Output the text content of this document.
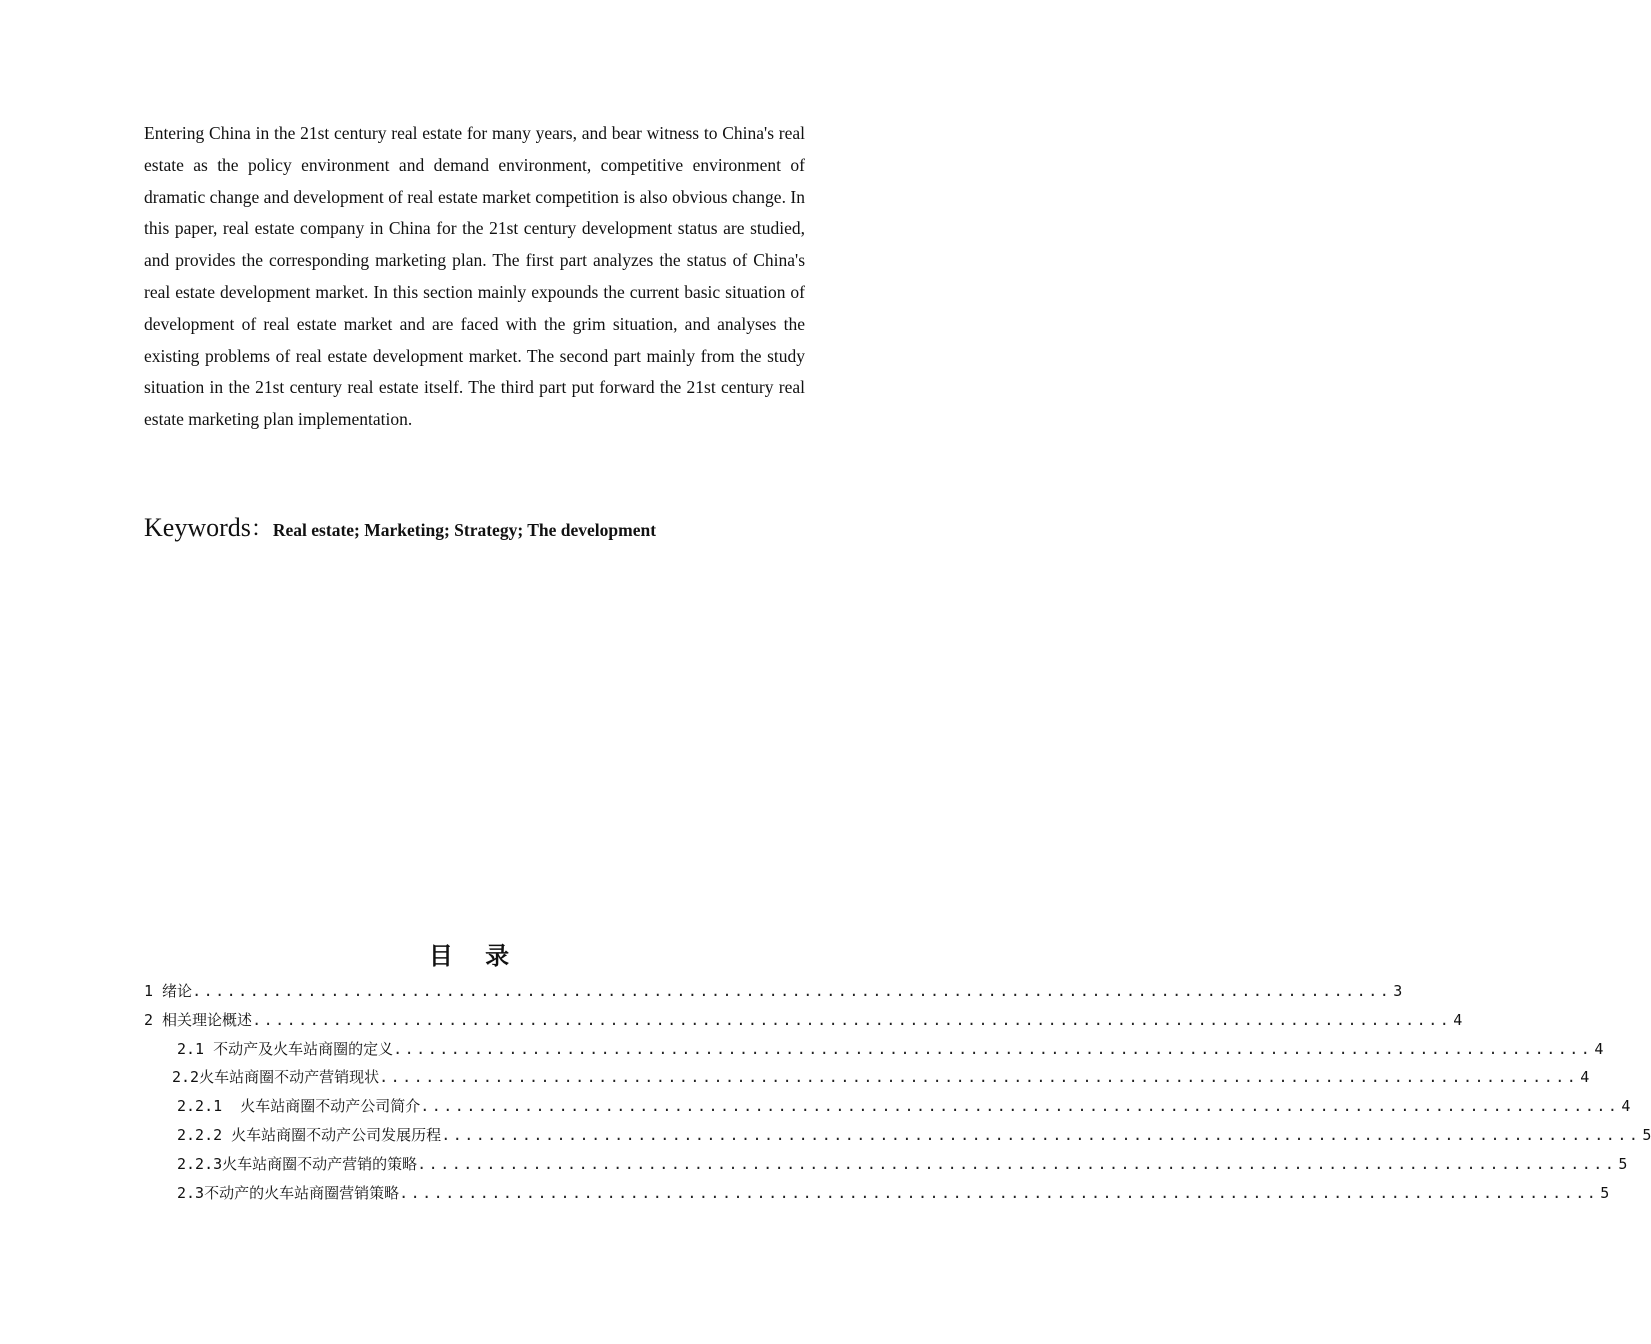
Entering China in the 21st century real estate for many years, and bear witness to China's real estate as the policy environment and demand environment, competitive environment of dramatic change and development of real estate market competition is also obvious change. In this paper, real estate company in China for the 21st century development status are studied, and provides the corresponding marketing plan. The first part analyzes the status of China's real estate development market. In this section mainly expounds the current basic situation of development of real estate market and are faced with the grim situation, and analyses the existing problems of real estate development market. The second part mainly from the study situation in the 21st century real estate itself. The third part put forward the 21st century real estate marketing plan implementation.

Keywords：Real estate; Marketing; Strategy; The development

目 录
1 绪论 ........................................................................................................ 3
2 相关理论概述 ........................................................................................................ 4
2.1 不动产及火车站商圈的定义 ........................................................................................................ 4
2.2火车站商圈不动产营销现状 ........................................................................................................ 4
2.2.1  火车站商圈不动产公司简介 ........................................................................................................ 4
2.2.2 火车站商圈不动产公司发展历程 ........................................................................................................ 5
2.2.3火车站商圈不动产营销的策略 ........................................................................................................ 5
2.3不动产的火车站商圈营销策略 ........................................................................................................ 5
